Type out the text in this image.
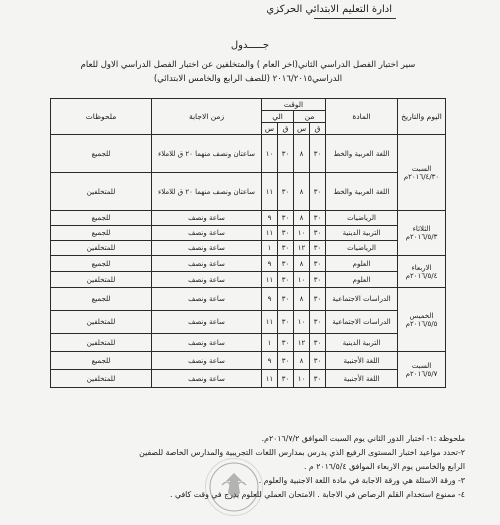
ادارة التعليم الابتدائي الحركزي
جـــــدول
سير اختبار الفصل الدراسي الثاني(اخر العام ) والمتخلفين عن اختبار الفصل الدراسي الاول للعام الدراسي٢٠١٦/٢٠١٥ (للصف الرابع والخامس الابتدائي)
اليوم والتاريخ	المادة	الوقت				زمن الاجابة	ملحوظات
		من		الي			
		ق	س	ق	س		

السبت
٢٠١٦/٤/٣٠م	اللغة العربية والخط	٣٠	٨	٣٠	١٠	ساعتان ونصف منهما ٢٠ ق للاملاء	للجميع
	اللغة العربية والخط	٣٠	٨	٣٠	١١	ساعتان ونصف منهما ٢٠ ق للاملاء	للمتخلفين

الثلاثاء
٢٠١٦/٥/٣م	الرياضيات	٣٠	٨	٣٠	٩	ساعة ونصف	للجميع
	التربية الدينية	٣٠	١٠	٣٠	١١	ساعة ونصف	للجميع
	الرياضيات	٣٠	١٢	٣٠	١	ساعة ونصف	للمتخلفين

الاربعاء
٢٠١٦/٥/٤م	العلوم	٣٠	٨	٣٠	٩	ساعة ونصف	للجميع
	العلوم	٣٠	١٠	٣٠	١١	ساعة ونصف	للمتخلفين

الخميس
٢٠١٦/٥/٥م	الدراسات الاجتماعية	٣٠	٨	٣٠	٩	ساعة ونصف	للجميع
	الدراسات الاجتماعية	٣٠	١٠	٣٠	١١	ساعة ونصف	للمتخلفين
	التربية الدينية	٣٠	١٢	٣٠	١	ساعة ونصف	للمتخلفين

السبت
٢٠١٦/٥/٧م	اللغة الأجنبية	٣٠	٨	٣٠	٩	ساعة ونصف	للجميع
	اللغة الأجنبية	٣٠	١٠	٣٠	١١	ساعة ونصف	للمتخلفين
ملحوظة :١- اختبار الدور الثاني يوم السبت الموافق ٢٠١٦/٧/٢م.
٢-تحدد مواعيد اختبار المستوى الرفيع الذي يدرس بمدارس اللغات التجريبية والمدارس الخاصة للصفين
الرابع والخامس يوم الاربعاء الموافق ٢٠١٦/٥/٤ م .
٣- ورقة الاسئلة هي ورقة الاجابة في مادة اللغة الاجنبية والعلوم .
٤- ممنوع استخدام القلم الرصاص في الاجابة . الامتحان العملي للعلوم يدرج في وقت كافي .
